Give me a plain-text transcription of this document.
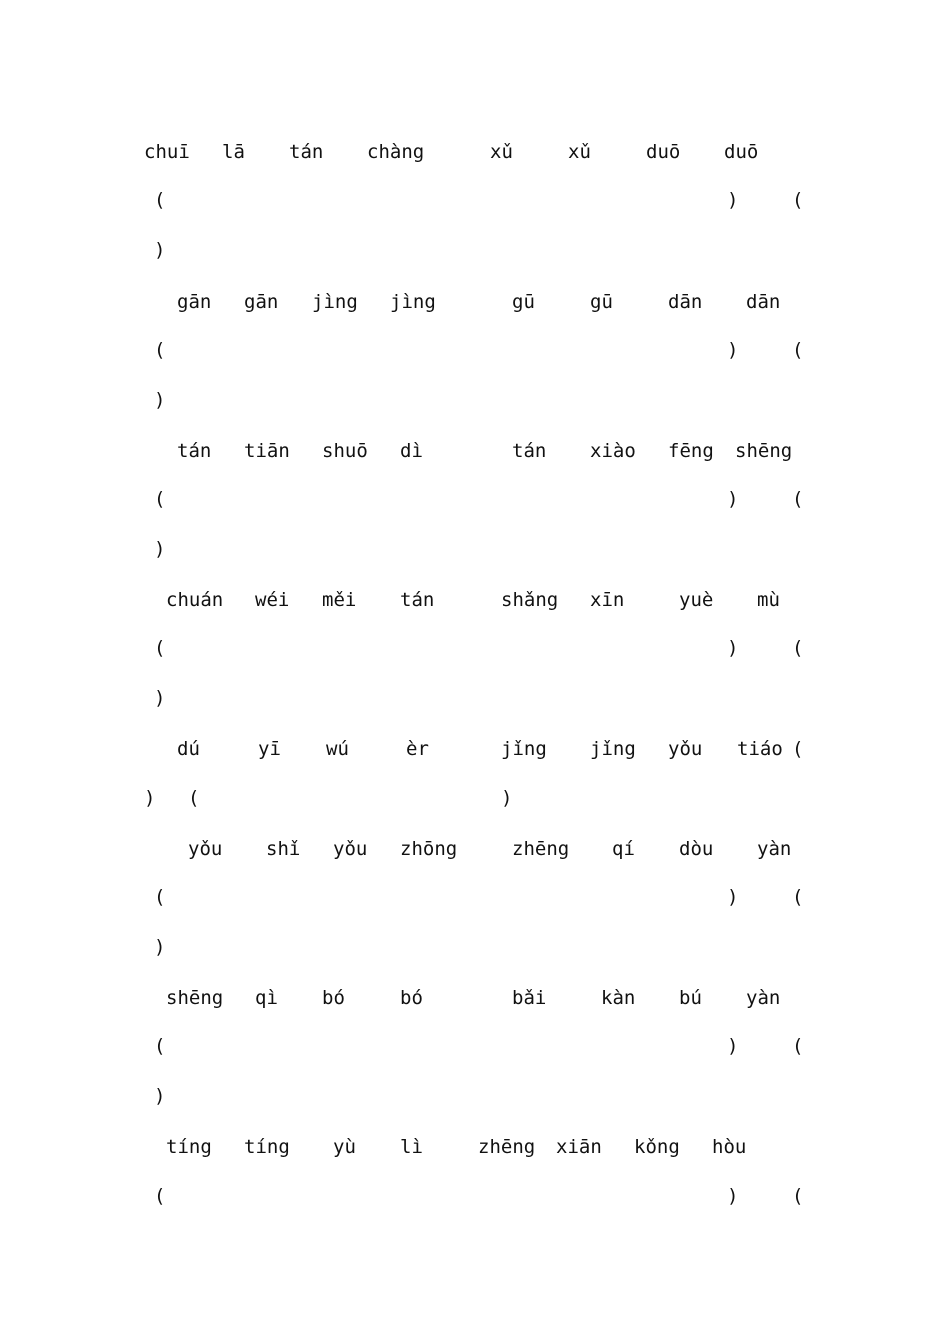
chuī lā tán chàng	xǔ	xǔ	duō duō
(	)	(
)
gān gān jìng jìng	gū	gū	dān dān
(	)	(
)
tán tiān shuō dì	tán xiào fēng shēng
(	)	(
)
chuán wéi měi tán	shǎng xīn	yuè mù
(	)	(
)
dú	yī wú	èr	jǐng jǐng yǒu tiáo (
) (	)
yǒu shǐ yǒu zhōng	zhēng qí dòu yàn
(	)	(
)
shēng qì bó	bó	bǎi	kàn bú yàn
(	)	(
)
tíng tíng yù lì	zhēng xiān kǒng hòu
(	)	(
